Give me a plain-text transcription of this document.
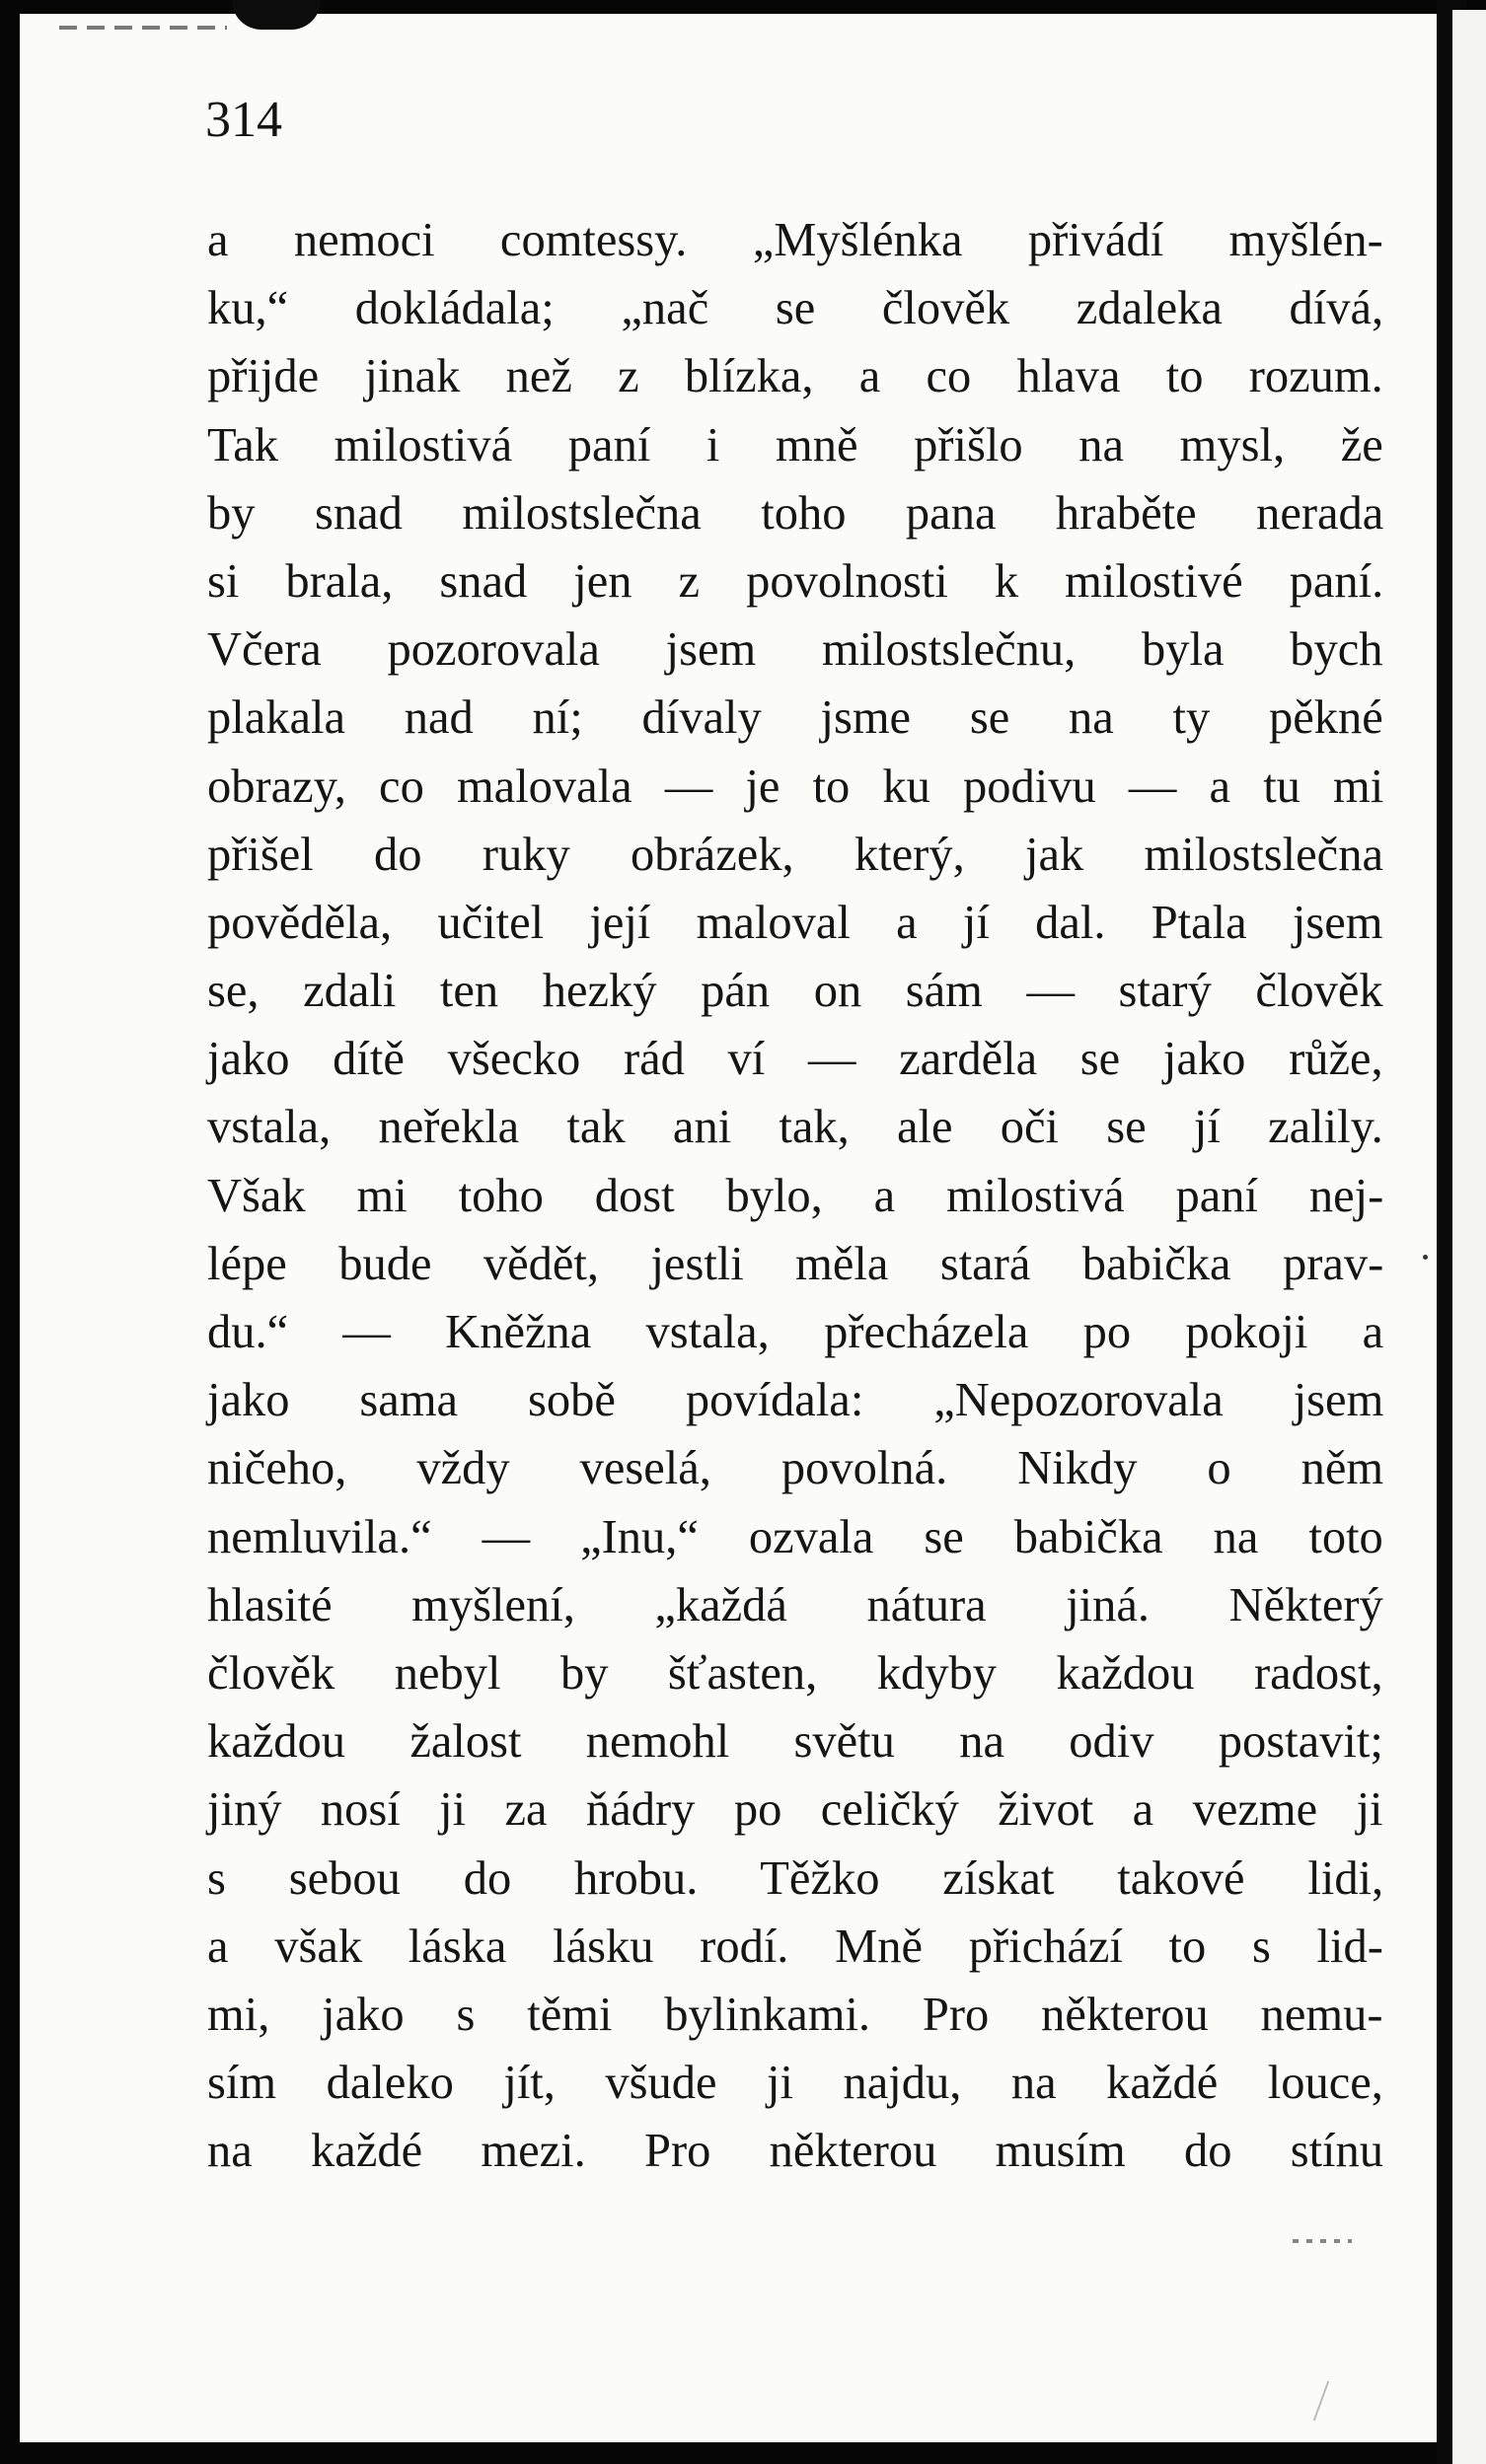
314
a nemoci comtessy. „Myšlénka přivádí myšlén-
ku,“ dokládala; „nač se člověk zdaleka dívá,
přijde jinak než z blízka, a co hlava to rozum.
Tak milostivá paní i mně přišlo na mysl, že
by snad milostslečna toho pana hraběte nerada
si brala, snad jen z povolnosti k milostivé paní.
Včera pozorovala jsem milostslečnu, byla bych
plakala nad ní; dívaly jsme se na ty pěkné
obrazy, co malovala — je to ku podivu — a tu mi
přišel do ruky obrázek, který, jak milostslečna
pověděla, učitel její maloval a jí dal. Ptala jsem
se, zdali ten hezký pán on sám — starý člověk
jako dítě všecko rád ví — zarděla se jako růže,
vstala, neřekla tak ani tak, ale oči se jí zalily.
Však mi toho dost bylo, a milostivá paní nej-
lépe bude vědět, jestli měla stará babička prav-
du.“ — Kněžna vstala, přecházela po pokoji a
jako sama sobě povídala: „Nepozorovala jsem
ničeho, vždy veselá, povolná. Nikdy o něm
nemluvila.“ — „Inu,“ ozvala se babička na toto
hlasité myšlení, „každá nátura jiná. Některý
člověk nebyl by šťasten, kdyby každou radost,
každou žalost nemohl světu na odiv postavit;
jiný nosí ji za ňádry po celičký život a vezme ji
s sebou do hrobu. Těžko získat takové lidi,
a však láska lásku rodí. Mně přichází to s lid-
mi, jako s těmi bylinkami. Pro některou nemu-
sím daleko jít, všude ji najdu, na každé louce,
na každé mezi. Pro některou musím do stínu
